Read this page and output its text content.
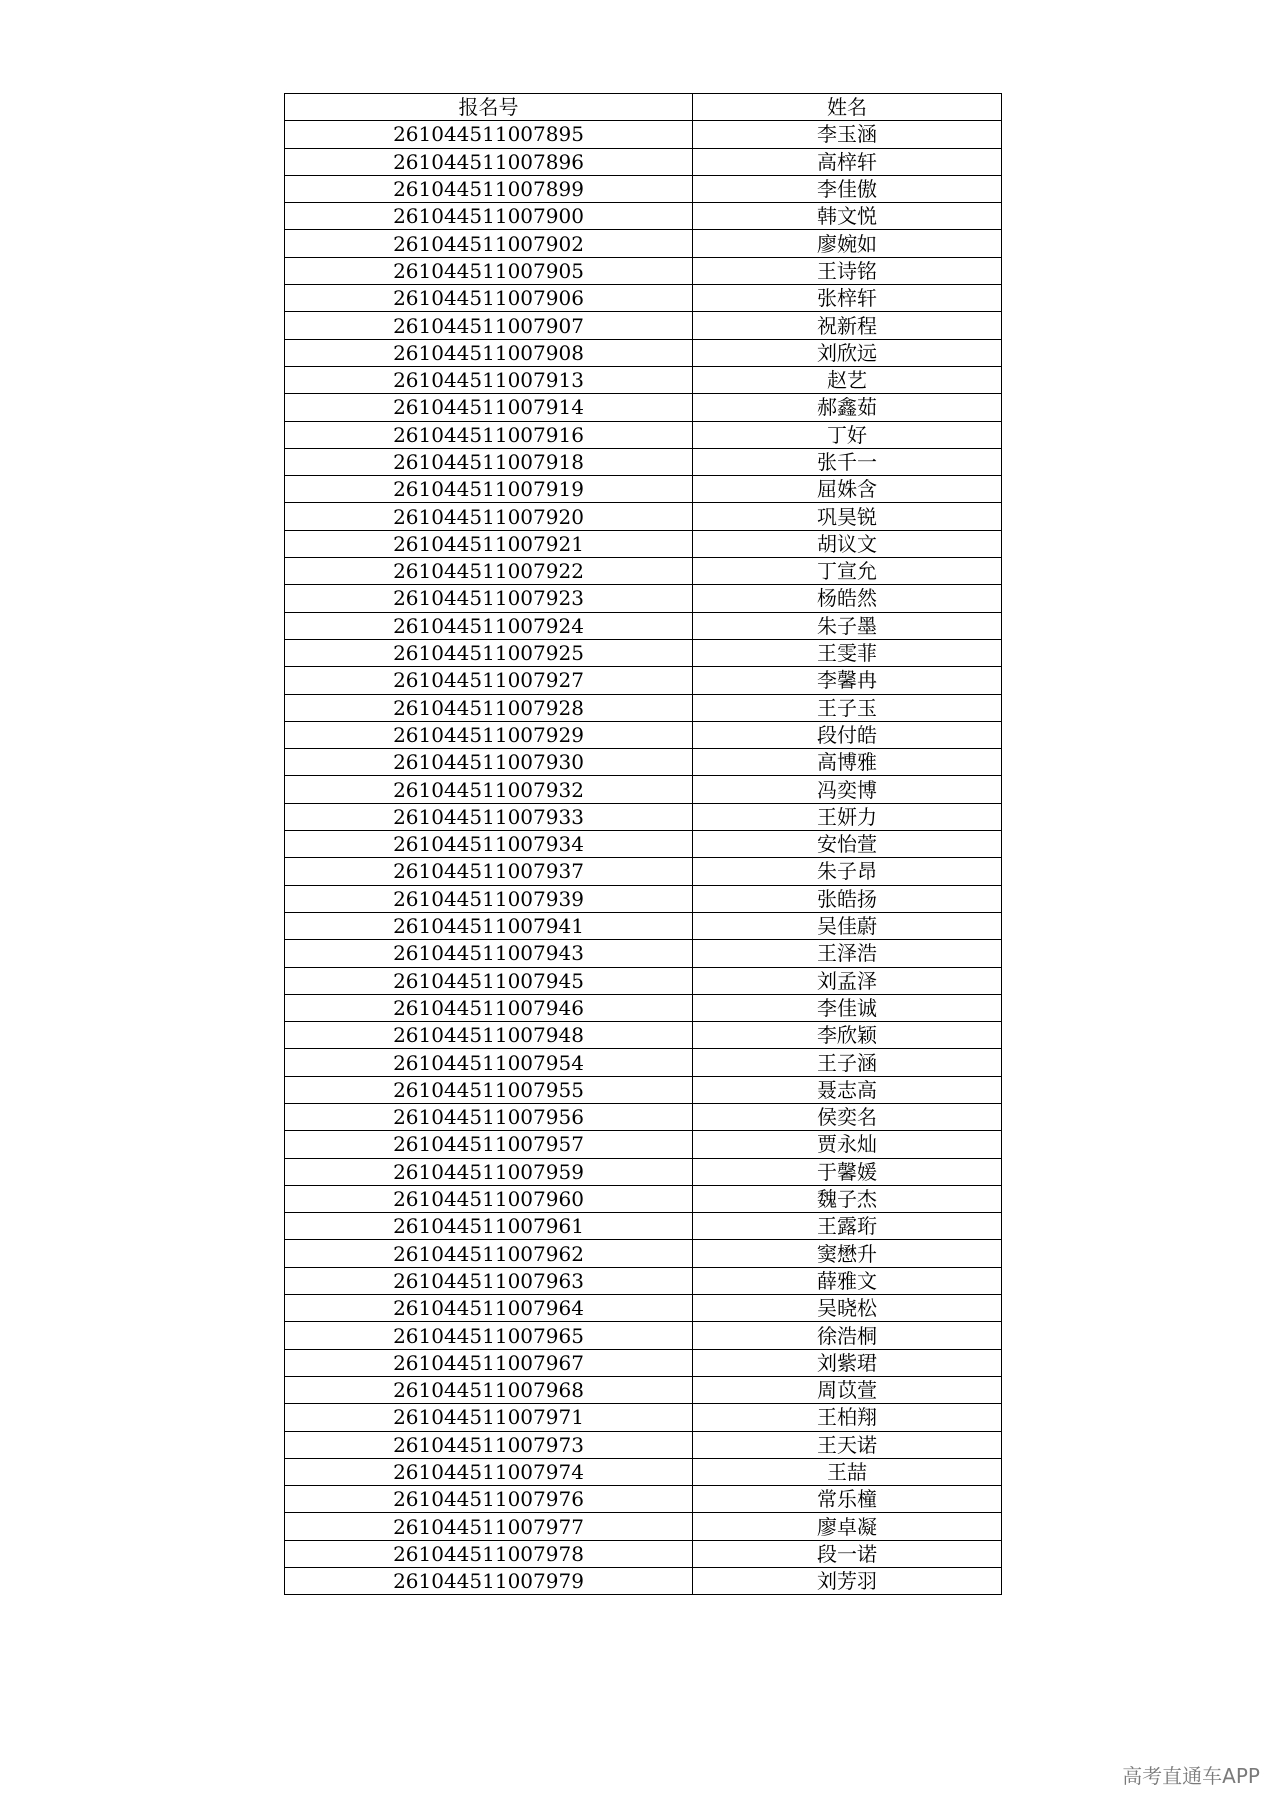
报名号	姓名
261044511007895	李玉涵
261044511007896	高梓轩
261044511007899	李佳傲
261044511007900	韩文悦
261044511007902	廖婉如
261044511007905	王诗铭
261044511007906	张梓轩
261044511007907	祝新程
261044511007908	刘欣远
261044511007913	赵艺
261044511007914	郝鑫茹
261044511007916	丁好
261044511007918	张千一
261044511007919	屈姝含
261044511007920	巩昊锐
261044511007921	胡议文
261044511007922	丁宣允
261044511007923	杨皓然
261044511007924	朱子墨
261044511007925	王雯菲
261044511007927	李馨冉
261044511007928	王子玉
261044511007929	段付皓
261044511007930	高博雅
261044511007932	冯奕博
261044511007933	王妍力
261044511007934	安怡萱
261044511007937	朱子昂
261044511007939	张皓扬
261044511007941	吴佳蔚
261044511007943	王泽浩
261044511007945	刘孟泽
261044511007946	李佳诚
261044511007948	李欣颖
261044511007954	王子涵
261044511007955	聂志高
261044511007956	侯奕名
261044511007957	贾永灿
261044511007959	于馨媛
261044511007960	魏子杰
261044511007961	王露珩
261044511007962	窦懋升
261044511007963	薛雅文
261044511007964	吴晓松
261044511007965	徐浩桐
261044511007967	刘紫珺
261044511007968	周苡萱
261044511007971	王柏翔
261044511007973	王天诺
261044511007974	王喆
261044511007976	常乐橦
261044511007977	廖卓凝
261044511007978	段一诺
261044511007979	刘芳羽
高考直通车APP
